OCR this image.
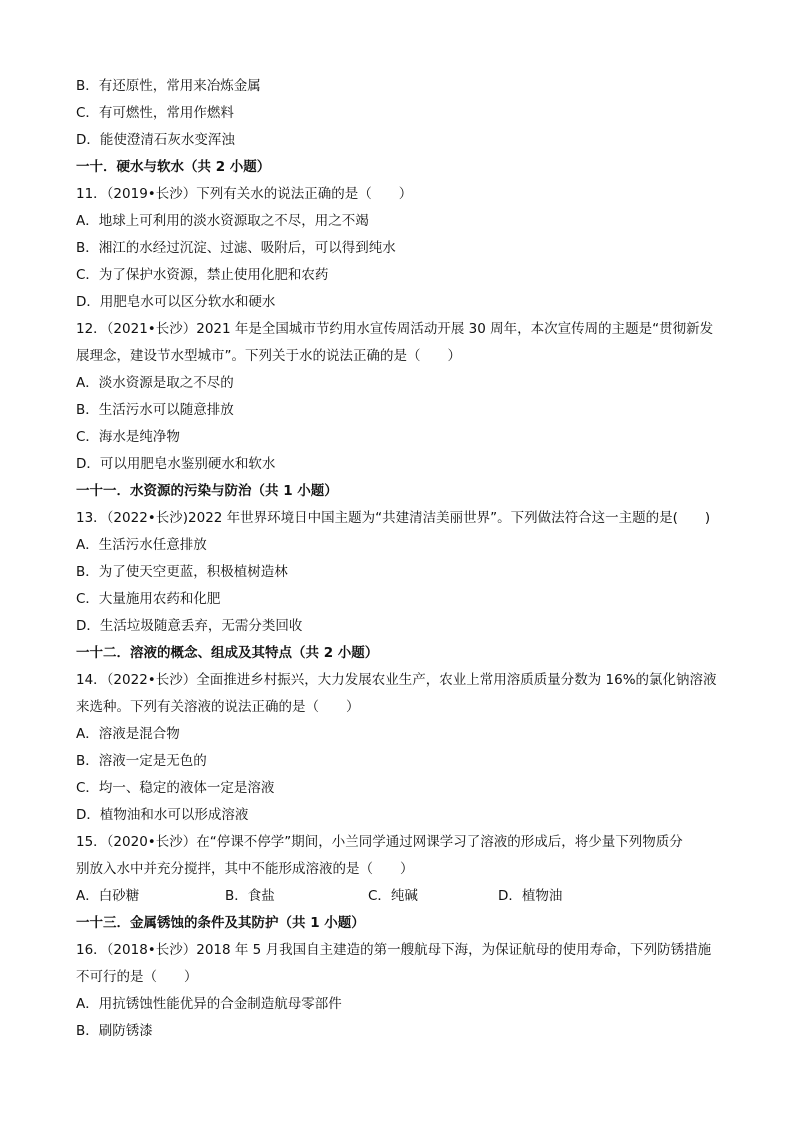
B．有还原性，常用来冶炼金属
C．有可燃性，常用作燃料
D．能使澄清石灰水变浑浊
一十．硬水与软水（共 2 小题）
11．（2019•长沙）下列有关水的说法正确的是（　　）
A．地球上可利用的淡水资源取之不尽，用之不竭
B．湘江的水经过沉淀、过滤、吸附后，可以得到纯水
C．为了保护水资源，禁止使用化肥和农药
D．用肥皂水可以区分软水和硬水
12．（2021•长沙）2021 年是全国城市节约用水宣传周活动开展 30 周年，本次宣传周的主题是“贯彻新发
展理念，建设节水型城市”。下列关于水的说法正确的是（　　）
A．淡水资源是取之不尽的
B．生活污水可以随意排放
C．海水是纯净物
D．可以用肥皂水鉴别硬水和软水
一十一．水资源的污染与防治（共 1 小题）
13．（2022•长沙)2022 年世界环境日中国主题为“共建清洁美丽世界”。下列做法符合这一主题的是(　　)
A．生活污水任意排放
B．为了使天空更蓝，积极植树造林
C．大量施用农药和化肥
D．生活垃圾随意丢弃，无需分类回收
一十二．溶液的概念、组成及其特点（共 2 小题）
14．（2022•长沙）全面推进乡村振兴，大力发展农业生产，农业上常用溶质质量分数为 16%的氯化钠溶液
来选种。下列有关溶液的说法正确的是（　　）
A．溶液是混合物
B．溶液一定是无色的
C．均一、稳定的液体一定是溶液
D．植物油和水可以形成溶液
15．（2020•长沙）在“停课不停学”期间，小兰同学通过网课学习了溶液的形成后，将少量下列物质分
别放入水中并充分搅拌，其中不能形成溶液的是（　　）
A．白砂糖	B．食盐	C．纯碱	D．植物油
一十三．金属锈蚀的条件及其防护（共 1 小题）
16．（2018•长沙）2018 年 5 月我国自主建造的第一艘航母下海，为保证航母的使用寿命，下列防锈措施
不可行的是（　　）
A．用抗锈蚀性能优异的合金制造航母零部件
B．刷防锈漆
